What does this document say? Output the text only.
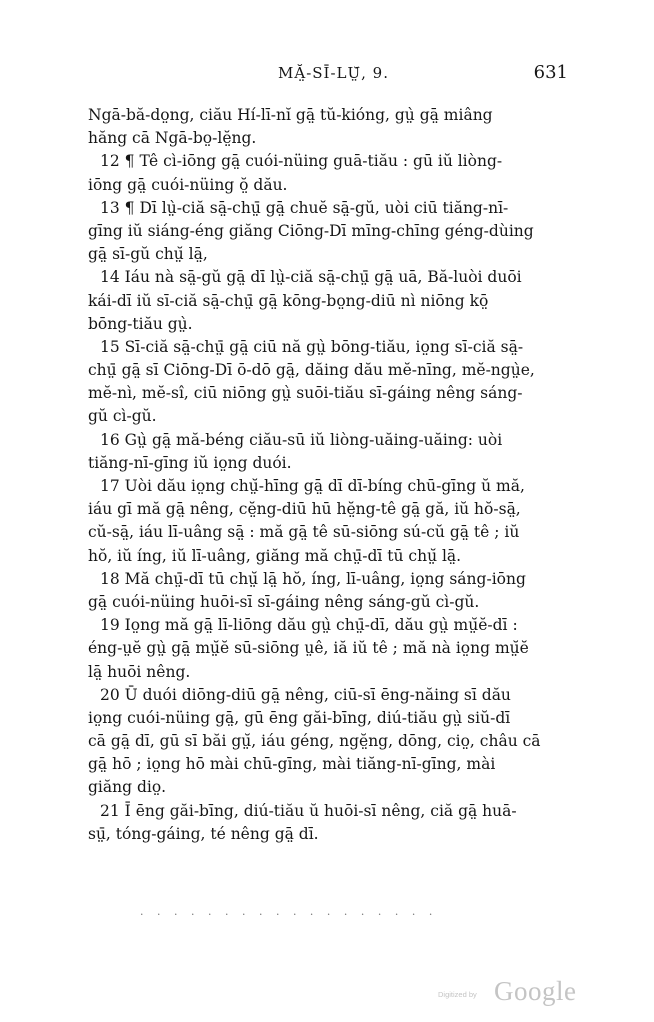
MĂ̤-SĪ-LṲ̆, 9.	631

Ngā-bă-do̤ng, ciău Hí-lī-nĭ gā̤ tŭ-kióng, gṳ̀ gā̤ miâng
hăng cā Ngā-bo̤-lĕ̤ng.

12 ¶ Tê cì-iōng gā̤ cuói-nüing guā-tiău : gū iŭ liòng-
iōng gā̤ cuói-nüing ŏ̤ dău.

13 ¶ Dī lṳ̀-ciă sā̤-chṳ̄ gā̤ chuĕ sā̤-gŭ, uòi ciū tiăng-nī-
gīng iŭ siáng-éng giăng Ciōng-Dī mīng-chīng géng-dùing
gā̤ sī-gŭ chṳ̆ lā̤,

14 Iáu nà sā̤-gŭ gā̤ dī lṳ̀-ciă sā̤-chṳ̄ gā̤ uā, Bă-luòi duōi
kái-dī iŭ sī-ciă sā̤-chṳ̄ gā̤ kōng-bo̤ng-diū nì niōng kō̤
bōng-tiău gṳ̀.

15 Sī-ciă sā̤-chṳ̄ gā̤ ciū nă gṳ̀ bōng-tiău, io̤ng sī-ciă sā̤-
chṳ̄ gā̤ sī Ciōng-Dī ō-dō gā̤, dăing dău mĕ-nīng, mĕ-ngṳ̀e,
mĕ-nì, mĕ-sî, ciū niōng gṳ̀ suōi-tiău sī-gáing nêng sáng-
gŭ cì-gŭ.

16 Gṳ̀ gā̤ mă-béng ciău-sū iŭ liòng-uăing-uăing: uòi
tiăng-nī-gīng iŭ io̤ng duói.

17 Uòi dău io̤ng chṳ̆-hīng gā̤ dī dī-bíng chū-gīng ŭ mă,
iáu gī mă gā̤ nêng, cĕ̤ng-diū hū hĕ̤ng-tê gā̤ gă, iŭ hŏ-sā̤,
cŭ-sā̤, iáu lī-uâng sā̤ : mă gā̤ tê sū-siōng sú-cŭ gā̤ tê ; iŭ
hŏ, iŭ íng, iŭ lī-uâng, giăng mă chṳ̄-dī tū chṳ̆ lā̤.

18 Mă chṳ̄-dī tū chṳ̆ lā̤ hŏ, íng, lī-uâng, io̤ng sáng-iōng
gā̤ cuói-nüing huōi-sī sī-gáing nêng sáng-gŭ cì-gŭ.

19 Io̤ng mă gā̤ lī-liōng dău gṳ̀ chṳ̄-dī, dău gṳ̀ mṳ̆ĕ-dī :
éng-ṳĕ gṳ̀ gā̤ mṳ̆ĕ sū-siōng ṳê, iă iŭ tê ; mă nà io̤ng mṳ̆ĕ
lā̤ huōi nêng.

20 Ū duói diōng-diū gā̤ nêng, ciū-sī ēng-năing sī dău
io̤ng cuói-nüing gā̤, gū ēng găi-bīng, diú-tiău gṳ̀ siŭ-dī
cā gā̤ dī, gū sī băi gṳ̆, iáu géng, ngĕ̤ng, dōng, cio̤, châu cā
gā̤ hō ; io̤ng hō mài chū-gīng, mài tiăng-nī-gīng, mài
giăng dio̤.

21 Ī ēng găi-bīng, diú-tiău ŭ huōi-sī nêng, ciă gā̤ huā-
sṳ̄, tóng-gáing, té nêng gā̤ dī.

· · · · · · · · · · · · · · · · · ·
Digitized by Google
